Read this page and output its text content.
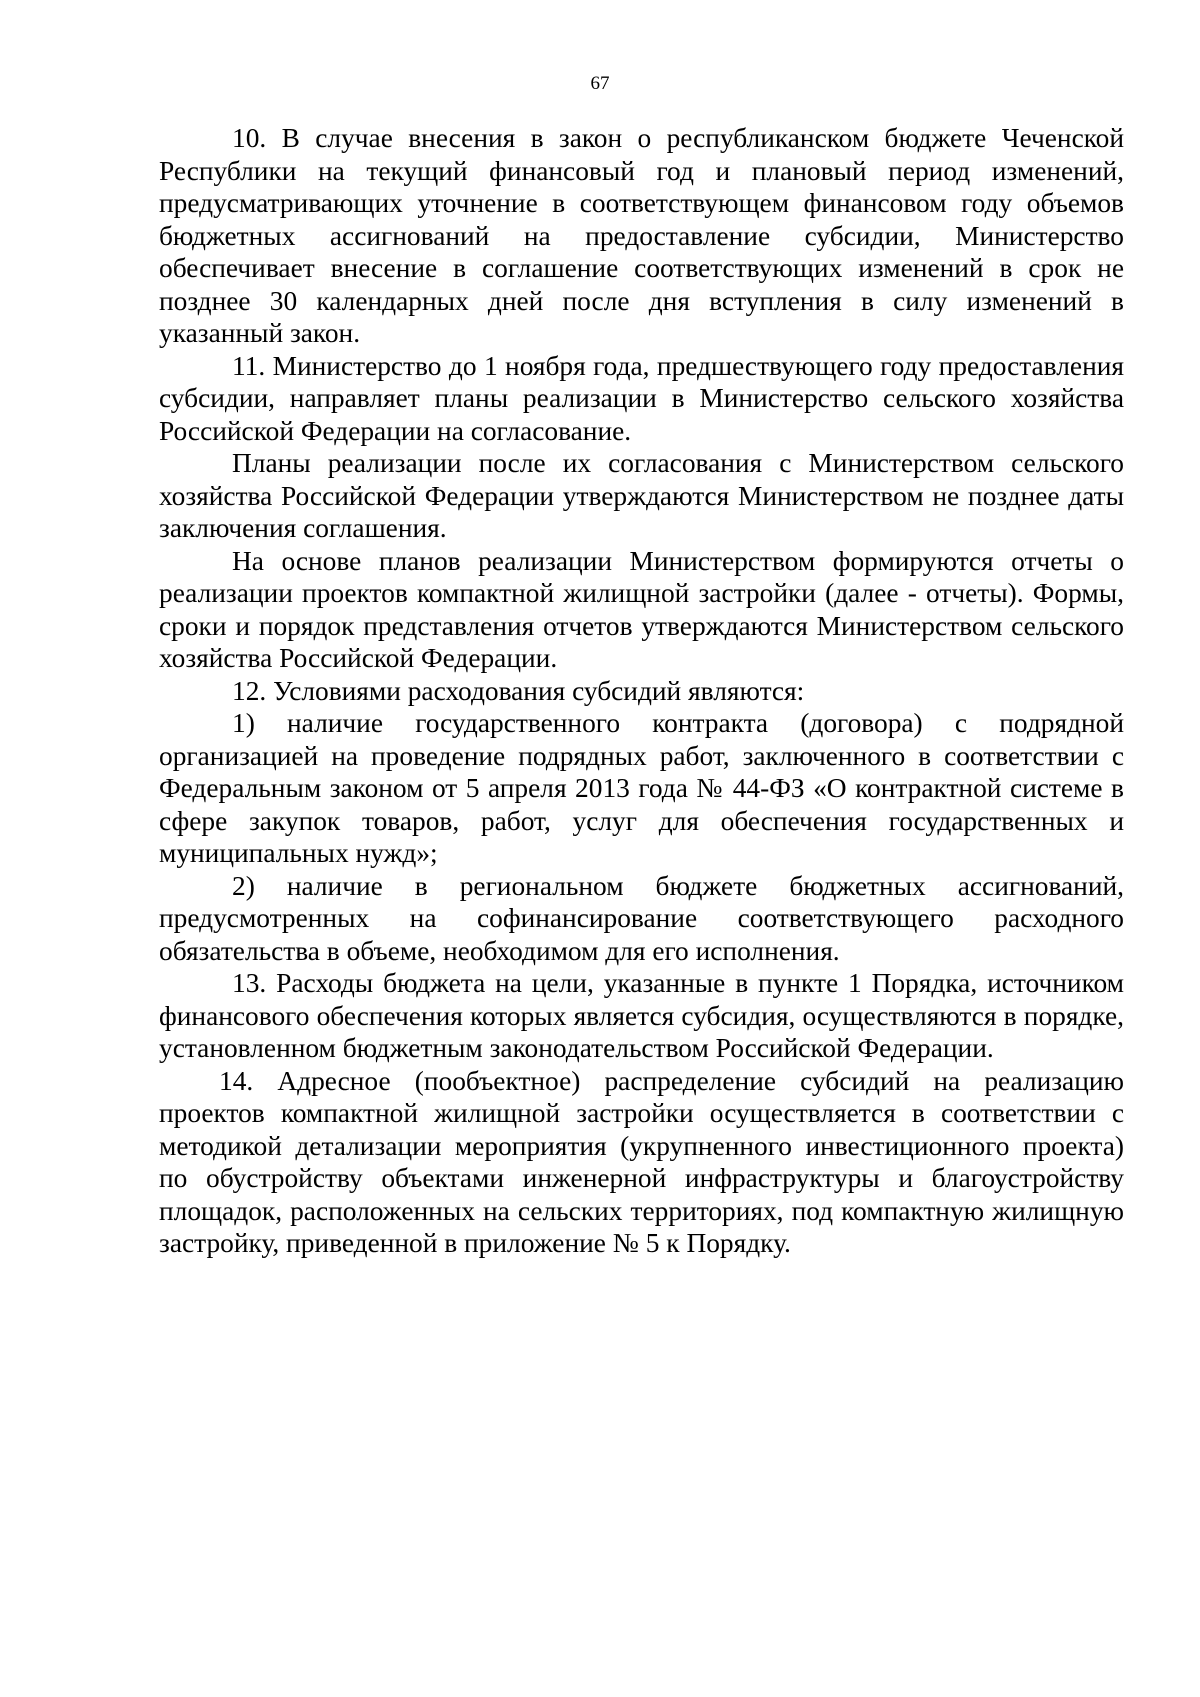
67

10. В случае внесения в закон о республиканском бюджете Чеченской Республики на текущий финансовый год и плановый период изменений, предусматривающих уточнение в соответствующем финансовом году объемов бюджетных ассигнований на предоставление субсидии, Министерство обеспечивает внесение в соглашение соответствующих изменений в срок не позднее 30 календарных дней после дня вступления в силу изменений в указанный закон.

11. Министерство до 1 ноября года, предшествующего году предоставления субсидии, направляет планы реализации в Министерство сельского хозяйства Российской Федерации на согласование.

Планы реализации после их согласования с Министерством сельского хозяйства Российской Федерации утверждаются Министерством не позднее даты заключения соглашения.

На основе планов реализации Министерством формируются отчеты о реализации проектов компактной жилищной застройки (далее - отчеты). Формы, сроки и порядок представления отчетов утверждаются Министерством сельского хозяйства Российской Федерации.

12. Условиями расходования субсидий являются:

1) наличие государственного контракта (договора) с подрядной организацией на проведение подрядных работ, заключенного в соответствии с Федеральным законом от 5 апреля 2013 года № 44-ФЗ «О контрактной системе в сфере закупок товаров, работ, услуг для обеспечения государственных и муниципальных нужд»;

2) наличие в региональном бюджете бюджетных ассигнований, предусмотренных на софинансирование соответствующего расходного обязательства в объеме, необходимом для его исполнения.

13. Расходы бюджета на цели, указанные в пункте 1 Порядка, источником финансового обеспечения которых является субсидия, осуществляются в порядке, установленном бюджетным законодательством Российской Федерации.

14. Адресное (пообъектное) распределение субсидий на реализацию проектов компактной жилищной застройки осуществляется в соответствии с методикой детализации мероприятия (укрупненного инвестиционного проекта) по обустройству объектами инженерной инфраструктуры и благоустройству площадок, расположенных на сельских территориях, под компактную жилищную застройку, приведенной в приложение № 5 к Порядку.
